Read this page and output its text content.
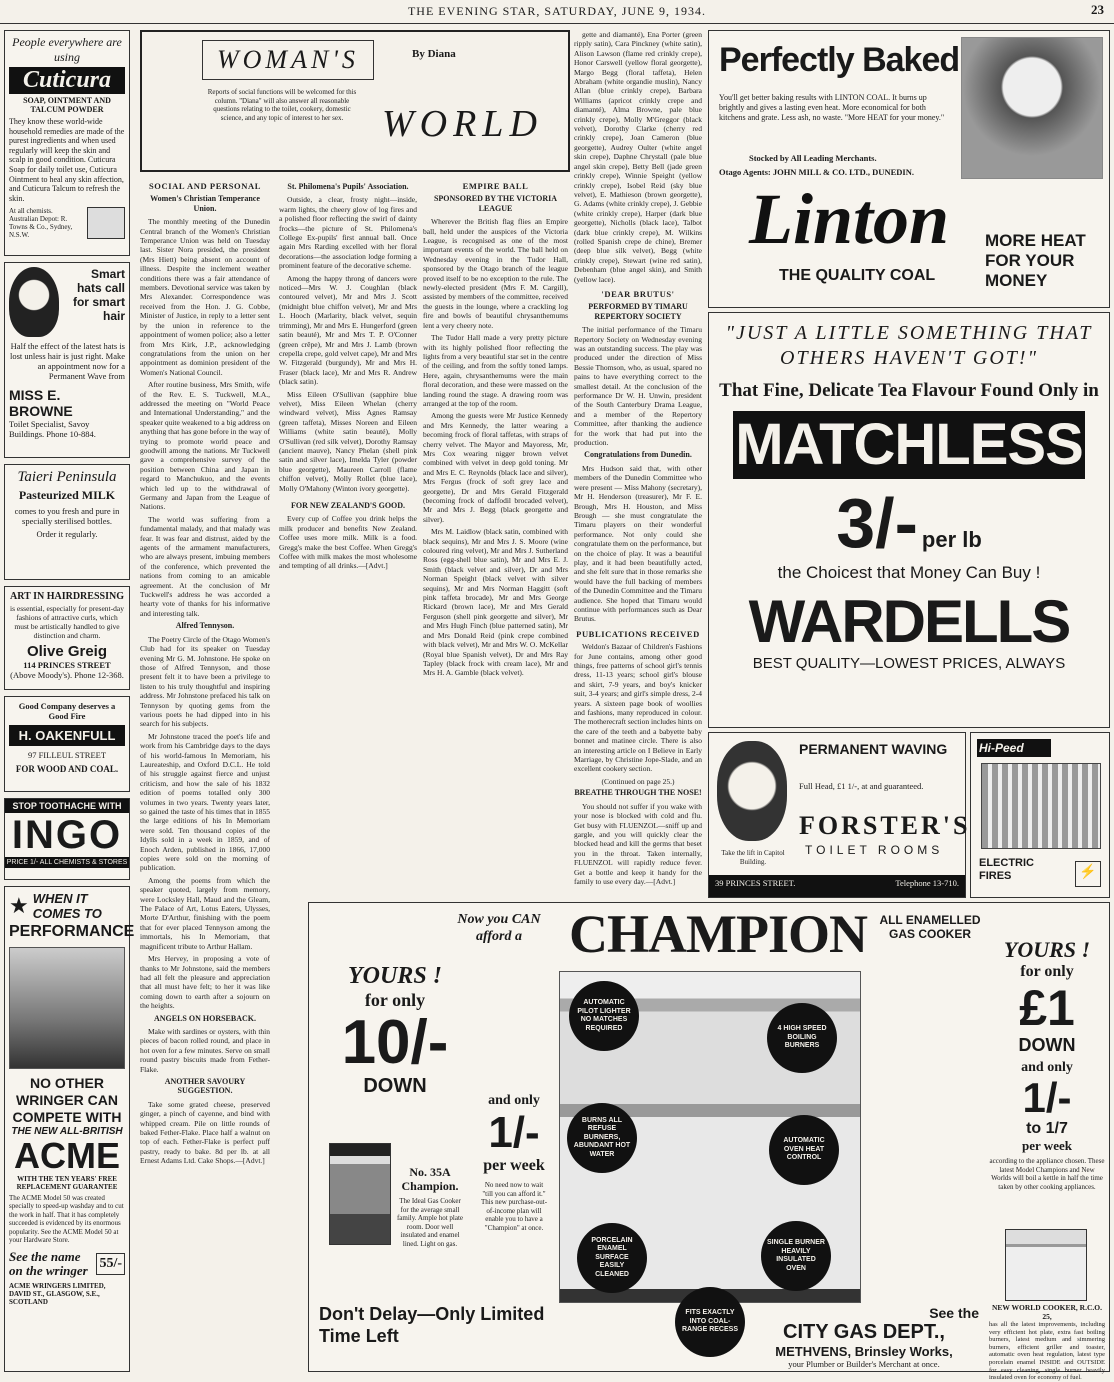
THE EVENING STAR, SATURDAY, JUNE 9, 1934.	23
People everywhere are using
Cuticura
SOAP, OINTMENT AND TALCUM POWDER
They know these world-wide household remedies are made of the purest ingredients and when used regularly will keep the skin and scalp in good condition. Cuticura Soap for daily toilet use, Cuticura Ointment to heal any skin affection, and Cuticura Talcum to refresh the skin.
At all chemists.
Australian Depot: R. Towns & Co., Sydney, N.S.W.
Smart hats call for smart hair
Half the effect of the latest hats is lost unless hair is just right. Make an appointment now for a Permanent Wave from
MISS E. BROWNE
Toilet Specialist, Savoy Buildings. Phone 10-884.
Taieri Peninsula
Pasteurized MILK
comes to you fresh and pure in specially sterilised bottles.
Order it regularly.
ART IN HAIRDRESSING
is essential, especially for present-day fashions of attractive curls, which must be artistically handled to give distinction and charm.
Olive Greig
114 PRINCES STREET
(Above Moody's). Phone 12-368.
Good Company deserves a Good Fire
H. OAKENFULL
97 FILLEUL STREET
FOR WOOD AND COAL.
STOP TOOTHACHE WITH
INGO
PRICE 1/- ALL CHEMISTS & STORES
★ WHEN IT COMES TO
PERFORMANCE
NO OTHER WRINGER CAN COMPETE WITH
THE NEW ALL-BRITISH
ACME
WITH THE TEN YEARS' FREE REPLACEMENT GUARANTEE
The ACME Model 50 was created specially to speed-up washday and to cut the work in half. That it has completely succeeded is evidenced by its enormous popularity. See the ACME Model 50 at your Hardware Store.
See the name on the wringer 55/-
ACME WRINGERS LIMITED, DAVID ST., GLASGOW, S.E., SCOTLAND
WOMAN'S	By Diana
Reports of social functions will be welcomed for this column. "Diana" will also answer all reasonable questions relating to the toilet, cookery, domestic science, and any topic of interest to her sex.	WORLD
SOCIAL AND PERSONAL
Women's Christian Temperance Union.

The monthly meeting of the Dunedin Central branch of the Women's Christian Temperance Union was held on Tuesday last. Sister Nora presided, the president (Mrs Hiett) being absent on account of illness. Despite the inclement weather conditions there was a fair attendance of members. Devotional service was taken by Mrs Alexander. Correspondence was received from the Hon. J. G. Cobbe, Minister of Justice, in reply to a letter sent by the union in reference to the appointment of women police; also a letter from Mrs Kirk, J.P., acknowledging congratulations from the union on her appointment as dominion president of the Women's National Council.

After routine business, Mrs Smith, wife of the Rev. E. S. Tuckwell, M.A., addressed the meeting on "World Peace and International Understanding," and the speaker quite weakened to a big address on anything that has gone before in the way of trying to promote world peace and goodwill among the nations. Mr Tuckwell gave a comprehensive survey of the position between China and Japan in regard to Manchukuo, and the events which led up to the withdrawal of Germany and Japan from the League of Nations.

The world was suffering from a fundamental malady, and that malady was fear. It was fear and distrust, aided by the agents of the armament manufacturers, who are always present, imbuing members of the conference, which prevented the nations from coming to an amicable agreement. At the conclusion of Mr Tuckwell's address he was accorded a hearty vote of thanks for his informative and interesting talk.

Alfred Tennyson.

The Poetry Circle of the Otago Women's Club had for its speaker on Tuesday evening Mr G. M. Johnstone. He spoke on those of Alfred Tennyson, and those present felt it to have been a privilege to listen to his truly thoughtful and inspiring address. Mr Johnstone prefaced his talk on Tennyson by quoting gems from the various poets he had dipped into in his search for his subjects.

Mr Johnstone traced the poet's life and work from his Cambridge days to the days of his world-famous In Memoriam, his Laureateship, and Oxford D.C.L. He told of his struggle against fierce and unjust criticism, and how the sale of his 1832 edition of poems totalled only 300 volumes in two years. Twenty years later, so gained the taste of his times that in 1855 the large editions of his In Memoriam were sold. Ten thousand copies of the Idylls sold in a week in 1859, and of Enoch Arden, published in 1866, 17,000 copies were sold on the morning of publication.

Among the poems from which the speaker quoted, largely from memory, were Locksley Hall, Maud and the Gleam, The Palace of Art, Lotus Eaters, Ulysses, Morte D'Arthur, finishing with the poem that for ever placed Tennyson among the immortals, his In Memoriam, that magnificent tribute to Arthur Hallam.

Mrs Hervey, in proposing a vote of thanks to Mr Johnstone, said the members had all felt the pleasure and appreciation that all must have felt; to her it was like coming down to earth after a sojourn on the heights.

ANGELS ON HORSEBACK.

Make with sardines or oysters, with thin pieces of bacon rolled round, and place in hot oven for a few minutes. Serve on small round pastry biscuits made from Fether-Flake.

ANOTHER SAVOURY SUGGESTION.

Take some grated cheese, preserved ginger, a pinch of cayenne, and bind with whipped cream. Pile on little rounds of baked Fether-Flake. Place half a walnut on top of each. Fether-Flake is perfect puff pastry, ready to bake. 8d per lb. at all Ernest Adams Ltd. Cake Shops.—[Advt.]

St. Philomena's Pupils' Association.

Outside, a clear, frosty night—inside, warm lights, the cheery glow of log fires and a polished floor reflecting the swirl of dainty frocks—the picture of St. Philomena's College Ex-pupils' first annual ball. Once again Mrs Rarding excelled with her floral decorations—the association lodge forming a prominent feature of the decorative scheme.

Among the happy throng of dancers were noticed—Mrs W. J. Coughlan (black contoured velvet), Mr and Mrs J. Scott (midnight blue chiffon velvet), Mr and Mrs L. Hooch (Marlarity, black velvet, sequin trimming), Mr and Mrs E. Hungerford (green satin beauté), Mr and Mrs T. P. O'Conner (green crêpe), Mr and Mrs J. Lamb (brown crepella crepe, gold velvet cape), Mr and Mrs W. Fitzgerald (burgundy), Mr and Mrs H. Fraser (black lace), Mr and Mrs R. Andrew (black satin).

Miss Eileen O'Sullivan (sapphire blue velvet), Miss Eileen Whelan (cherry windward velvet), Miss Agnes Ramsay (green taffeta), Misses Noreen and Eileen Williams (white satin beauté), Molly O'Sullivan (red silk velvet), Dorothy Ramsay (ancient mauve), Nancy Phelan (shell pink satin and silver lace), Imelda Tyler (powder blue georgette), Maureen Carroll (flame chiffon velvet), Molly Rollet (blue lace), Molly O'Mahony (Winton ivory georgette).

FOR NEW ZEALAND'S GOOD.

Every cup of Coffee you drink helps the milk producer and benefits New Zealand. Coffee uses more milk. Milk is a food. Gregg's make the best Coffee. When Gregg's Coffee with milk makes the most wholesome and tempting of all drinks.—[Advt.]

EMPIRE BALL
SPONSORED BY THE VICTORIA LEAGUE

Wherever the British flag flies an Empire ball, held under the auspices of the Victoria League, is recognised as one of the most important events of the world. The ball held on Wednesday evening in the Tudor Hall, sponsored by the Otago branch of the league proved itself to be no exception to the rule. The newly-elected president (Mrs F. M. Cargill), assisted by members of the committee, received the guests in the lounge, where a crackling log fire and bowls of beautiful chrysanthemums lent a very cheery note.

The Tudor Hall made a very pretty picture with its highly polished floor reflecting the lights from a very beautiful star set in the centre of the ceiling, and from the softly toned lamps. Here, again, chrysanthemums were the main floral decoration, and these were massed on the landing round the stage. A drawing room was arranged at the top of the room.

Among the guests were Mr Justice Kennedy and Mrs Kennedy, the latter wearing a becoming frock of floral taffetas, with straps of cherry velvet. The Mayor and Mayoress, Mr, Mrs Cox wearing nigger brown velvet combined with velvet in deep gold toning. Mr and Mrs E. C. Reynolds (black lace and silver), Mrs Fergus (frock of soft grey lace and georgette), Dr and Mrs Gerald Fitzgerald (becoming frock of daffodil brocaded velvet), Mr and Mrs J. Begg (black georgette and silver).

Mrs M. Laidlow (black satin, combined with black sequins), Mr and Mrs J. S. Moore (wine coloured ring velvet), Mr and Mrs J. Sutherland Ross (egg-shell blue satin), Mr and Mrs E. J. Smith (black velvet and silver), Dr and Mrs Norman Speight (black velvet with silver sequins), Mr and Mrs Norman Haggitt (soft pink taffeta brocade), Mr and Mrs George Rickard (brown lace), Mr and Mrs Gerald Ferguson (shell pink georgette and silver), Mr and Mrs Hugh Finch (blue patterned satin), Mr and Mrs Donald Reid (pink crepe combined with black velvet), Mr and Mrs W. O. McKellar (Royal blue Spanish velvet), Dr and Mrs Ray Tapley (black frock with cream lace), Mr and Mrs H. A. Gamble (black velvet).

gette and diamanté), Ena Porter (green ripply satin), Cara Pinckney (white satin), Alison Lawson (flame red crinkly crepe), Honor Carswell (yellow floral georgette), Margo Begg (floral taffeta), Helen Abraham (white organdie muslin), Nancy Allan (blue crinkly crepe), Barbara Williams (apricot crinkly crepe and diamanté), Alma Browne, pale blue crinkly crepe), Molly M'Greggor (black velvet), Dorothy Clarke (cherry red crinkly crepe), Joan Cameron (blue georgette), Audrey Oulter (white angel skin crepe), Daphne Chrystall (pale blue angel skin crepe), Betty Bell (jade green crinkly crepe), Winnie Speight (yellow crinkly crepe), Isobel Reid (sky blue velvet), E. Mathieson (brown georgette), G. Adams (white crinkly crepe), J. Gebbie (white crinkly crepe), Harper (dark blue georgette), Nicholls (black lace), Talbot (dark blue crinkly crepe), M. Wilkins (rolled Spanish crepe de chine), Bremer (deep blue silk velvet), Begg (white crinkly crepe), Stewart (wine red satin), Debenham (blue angel skin), and Smith (yellow lace).

'DEAR BRUTUS'
PERFORMED BY TIMARU REPERTORY SOCIETY

The initial performance of the Timaru Repertory Society on Wednesday evening was an outstanding success. The play was produced under the direction of Miss Bessie Thomson, who, as usual, spared no pains to have everything correct to the smallest detail. At the conclusion of the performance Dr W. H. Unwin, president of the South Canterbury Drama League, and a member of the Repertory Committee, after thanking the audience for the work that had put into the production.

Congratulations from Dunedin.

Mrs Hudson said that, with other members of the Dunedin Committee who were present — Miss Mahony (secretary), Mr H. Henderson (treasurer), Mr F. E. Brough, Mrs H. Houston, and Miss Brough — she must congratulate the Timaru players on their wonderful performance. Not only could she congratulate them on the performance, but on the choice of play. It was a beautiful play, and it had been beautifully acted, and she felt sure that in those remarks she would have the full backing of members of the Dunedin Committee and the Timaru audience. She hoped that Timaru would continue with performances such as Dear Brutus.

PUBLICATIONS RECEIVED

Weldon's Bazaar of Children's Fashions for June contains, among other good things, free patterns of school girl's tennis dress, 11-13 years; school girl's blouse and skirt, 7-9 years, and boy's knicker suit, 3-4 years; and girl's simple dress, 2-4 years. A sixteen page book of woollies and fashions, many reproduced in colour. The motherecraft section includes hints on the care of the teeth and a babyette baby bonnet and matinee circle. There is also an interesting article on I Believe in Early Marriage, by Christine Jope-Slade, and an excellent cookery section.

(Continued on page 25.)
BREATHE THROUGH THE NOSE!

You should not suffer if you wake with your nose is blocked with cold and flu. Get busy with FLUENZOL—sniff up and gargle, and you will quickly clear the blocked head and kill the germs that beset you in the throat. Taken internally, FLUENZOL will rapidly reduce fever. Get a bottle and keep it handy for the family to use every day.—[Advt.]

Perfectly Baked
You'll get better baking results with LINTON COAL. It burns up brightly and gives a lasting even heat. More economical for both kitchens and grate. Less ash, no waste. "More HEAT for your money."
Stocked by All Leading Merchants.
Otago Agents: JOHN MILL & CO. LTD., DUNEDIN.
Linton
THE QUALITY COAL
MORE HEAT FOR YOUR MONEY
"JUST A LITTLE SOMETHING THAT OTHERS HAVEN'T GOT!"
That Fine, Delicate Tea Flavour Found Only in
MATCHLESS
3/- per lb
the Choicest that Money Can Buy !
WARDELLS
BEST QUALITY—LOWEST PRICES, ALWAYS
Take the lift in Capitol Building.
PERMANENT WAVING
Full Head, £1 1/-, at and guaranteed.
FORSTER'S
TOILET ROOMS
39 PRINCES STREET.	Telephone 13-710.
Hi-Peed
ELECTRIC FIRES	⚡
Now you CAN afford a CHAMPION	ALL ENAMELLED GAS COOKER
YOURS !
for only
10/-
DOWN
and only
1/-
per week
No need now to wait "till you can afford it." This new purchase-out-of-income plan will enable you to have a "Champion" at once.
No. 35A Champion.
The Ideal Gas Cooker for the average small family. Ample hot plate room. Door well insulated and enamel lined. Light on gas.
AUTOMATIC PILOT LIGHTER NO MATCHES REQUIRED	4 HIGH SPEED BOILING BURNERS
BURNS ALL REFUSE BURNERS, ABUNDANT HOT WATER
AUTOMATIC OVEN HEAT CONTROL
PORCELAIN ENAMEL SURFACE EASILY CLEANED
SINGLE BURNER HEAVILY INSULATED OVEN
FITS EXACTLY INTO COAL-RANGE RECESS
Don't Delay—Only Limited Time Left
See the
CITY GAS DEPT.,
METHVENS, Brinsley Works,
your Plumber or Builder's Merchant at once.
YOURS !
for only
£1
DOWN
and only
1/-
to 1/7
per week
according to the appliance chosen. These latest Model Champions and New Worlds will boil a kettle in half the time taken by other cooking appliances.
NEW WORLD COOKER, R.C.O. 25,
has all the latest improvements, including very efficient hot plate, extra fast boiling burners, latest medium and simmering burners, efficient griller and toaster, automatic oven heat regulation, latest type porcelain enamel INSIDE and OUTSIDE for easy cleaning, single burner heavily insulated oven for economy of fuel.
